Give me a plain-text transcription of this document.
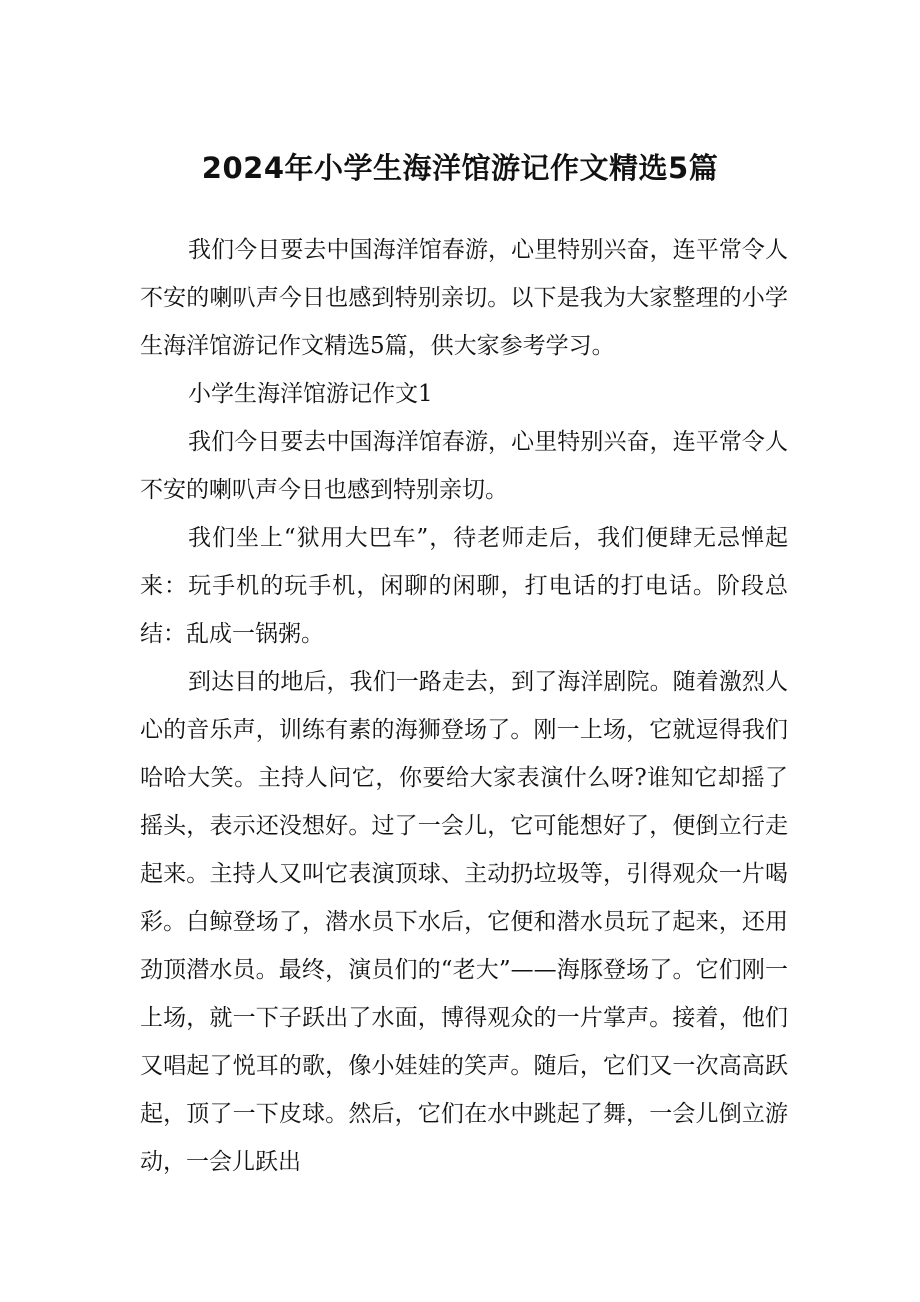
2024年小学生海洋馆游记作文精选5篇

我们今日要去中国海洋馆春游，心里特别兴奋，连平常令人不安的喇叭声今日也感到特别亲切。以下是我为大家整理的小学生海洋馆游记作文精选5篇，供大家参考学习。

小学生海洋馆游记作文1

我们今日要去中国海洋馆春游，心里特别兴奋，连平常令人不安的喇叭声今日也感到特别亲切。

我们坐上“狱用大巴车”，待老师走后，我们便肆无忌惮起来：玩手机的玩手机，闲聊的闲聊，打电话的打电话。阶段总结：乱成一锅粥。

到达目的地后，我们一路走去，到了海洋剧院。随着激烈人心的音乐声，训练有素的海狮登场了。刚一上场，它就逗得我们哈哈大笑。主持人问它，你要给大家表演什么呀?谁知它却摇了摇头，表示还没想好。过了一会儿，它可能想好了，便倒立行走起来。主持人又叫它表演顶球、主动扔垃圾等，引得观众一片喝彩。白鲸登场了，潜水员下水后，它便和潜水员玩了起来，还用劲顶潜水员。最终，演员们的“老大”——海豚登场了。它们刚一上场，就一下子跃出了水面，博得观众的一片掌声。接着，他们又唱起了悦耳的歌，像小娃娃的笑声。随后，它们又一次高高跃起，顶了一下皮球。然后，它们在水中跳起了舞，一会儿倒立游动，一会儿跃出
